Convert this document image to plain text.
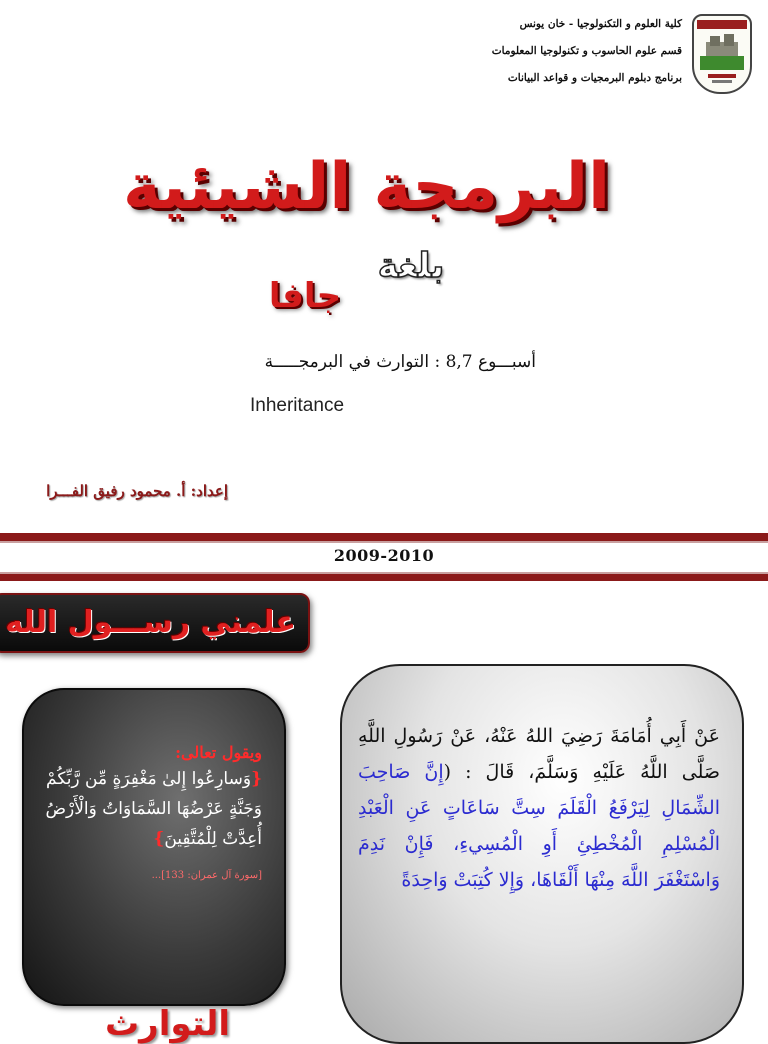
كلية العلوم و التكنولوجيا - خان يونس
قسم علوم الحاسوب و تكنولوجيا المعلومات
برنامج دبلوم البرمجيات و قواعد البيانات
البرمجة الشيئية
بلغة
جافا
أسبـــوع 8,7 : التوارث في البرمجـــــة
Inheritance
إعداد: أ. محمود رفيق الفـــرا
2009-2010
علمني رســـول الله
ويقول تعالى:
{وَسارِعُوا إِلىٰ مَغْفِرَةٍ مِّن رَّبِّكُمْ وَجَنَّةٍ عَرْضُهَا السَّمَاوَاتُ وَالْأَرْضُ أُعِدَّتْ لِلْمُتَّقِينَ}
[سورة آل عمران: 133]...
عَنْ أَبِي أُمَامَةَ رَضِيَ اللهُ عَنْهُ، عَنْ رَسُولِ اللَّهِ صَلَّى اللَّهُ عَلَيْهِ وَسَلَّمَ، قَالَ : (إِنَّ صَاحِبَ الشِّمَالِ لِيَرْفَعُ الْقَلَمَ سِتَّ سَاعَاتٍ عَنِ الْعَبْدِ الْمُسْلِمِ الْمُخْطِئِ أَوِ الْمُسِيءِ، فَإِنْ نَدِمَ وَاسْتَغْفَرَ اللَّهَ مِنْهَا أَلْقَاهَا، وَإِلا كُتِبَتْ وَاحِدَةً
التوارث
